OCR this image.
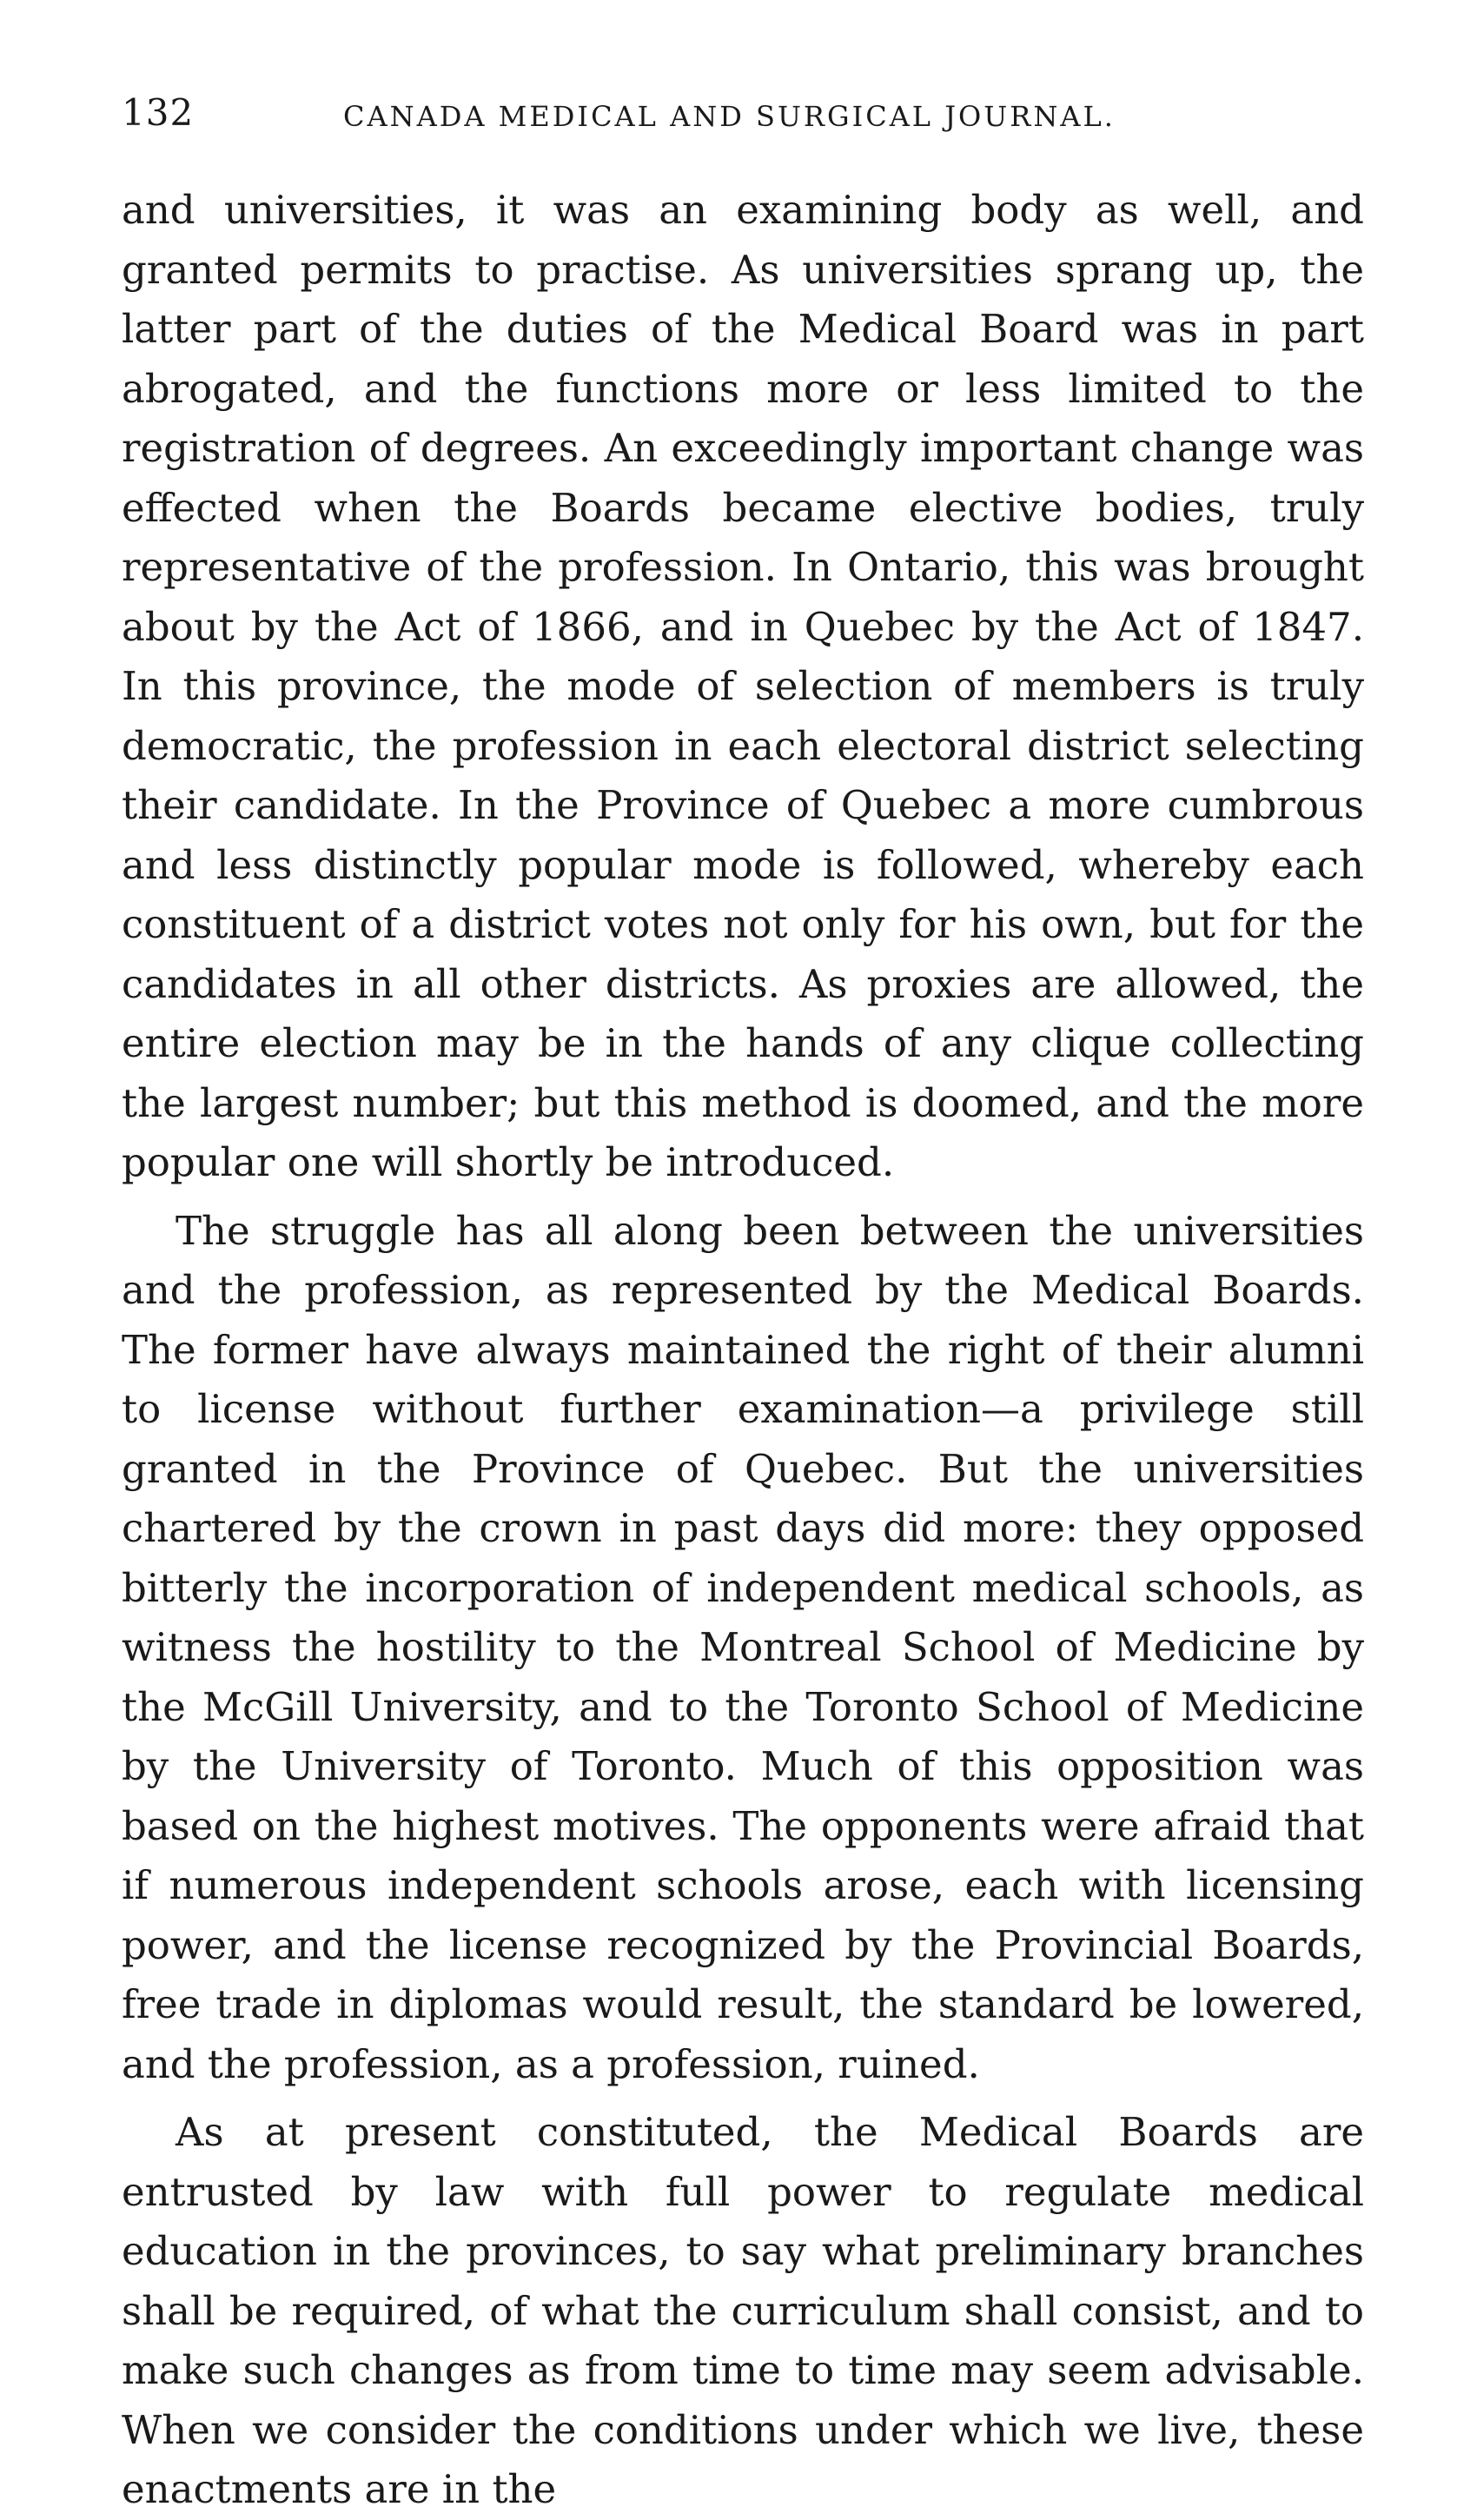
132	CANADA MEDICAL AND SURGICAL JOURNAL.

and universities, it was an examining body as well, and granted permits to practise. As universities sprang up, the latter part of the duties of the Medical Board was in part abrogated, and the functions more or less limited to the registration of degrees. An exceedingly important change was effected when the Boards became elective bodies, truly representative of the profession. In Ontario, this was brought about by the Act of 1866, and in Quebec by the Act of 1847. In this province, the mode of selection of members is truly democratic, the profession in each electoral district selecting their candidate. In the Province of Quebec a more cumbrous and less distinctly popular mode is followed, whereby each constituent of a district votes not only for his own, but for the candidates in all other districts. As proxies are allowed, the entire election may be in the hands of any clique collecting the largest number; but this method is doomed, and the more popular one will shortly be introduced.

The struggle has all along been between the universities and the profession, as represented by the Medical Boards. The former have always maintained the right of their alumni to license without further examination—a privilege still granted in the Province of Quebec. But the universities chartered by the crown in past days did more: they opposed bitterly the incorporation of independent medical schools, as witness the hostility to the Montreal School of Medicine by the McGill University, and to the Toronto School of Medicine by the University of Toronto. Much of this opposition was based on the highest motives. The opponents were afraid that if numerous independent schools arose, each with licensing power, and the license recognized by the Provincial Boards, free trade in diplomas would result, the standard be lowered, and the profession, as a profession, ruined.

As at present constituted, the Medical Boards are entrusted by law with full power to regulate medical education in the provinces, to say what preliminary branches shall be required, of what the curriculum shall consist, and to make such changes as from time to time may seem advisable. When we consider the conditions under which we live, these enactments are in the
